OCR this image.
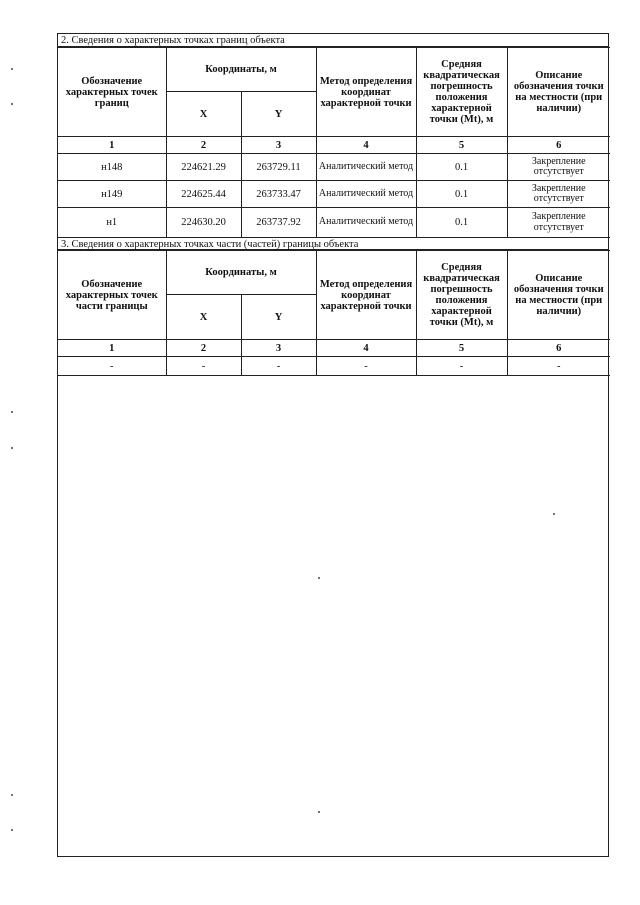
2. Сведения о характерных точках границ объекта
Обозначение характерных точек границ	Координаты, м		Метод определения координат характерной точки	Средняя квадратическая погрешность положения характерной точки (Mt), м	Описание обозначения точки на местности (при наличии)
	X	Y			
1	2	3	4	5	6
н148	224621.29	263729.11	Аналитический метод	0.1	Закрепление отсутствует
н149	224625.44	263733.47	Аналитический метод	0.1	Закрепление отсутствует
н1	224630.20	263737.92	Аналитический метод	0.1	Закрепление отсутствует
3. Сведения о характерных точках части (частей) границы объекта
Обозначение характерных точек части границы	Координаты, м		Метод определения координат характерной точки	Средняя квадратическая погрешность положения характерной точки (Mt), м	Описание обозначения точки на местности (при наличии)
	X	Y			
1	2	3	4	5	6
-	-	-	-	-	-
